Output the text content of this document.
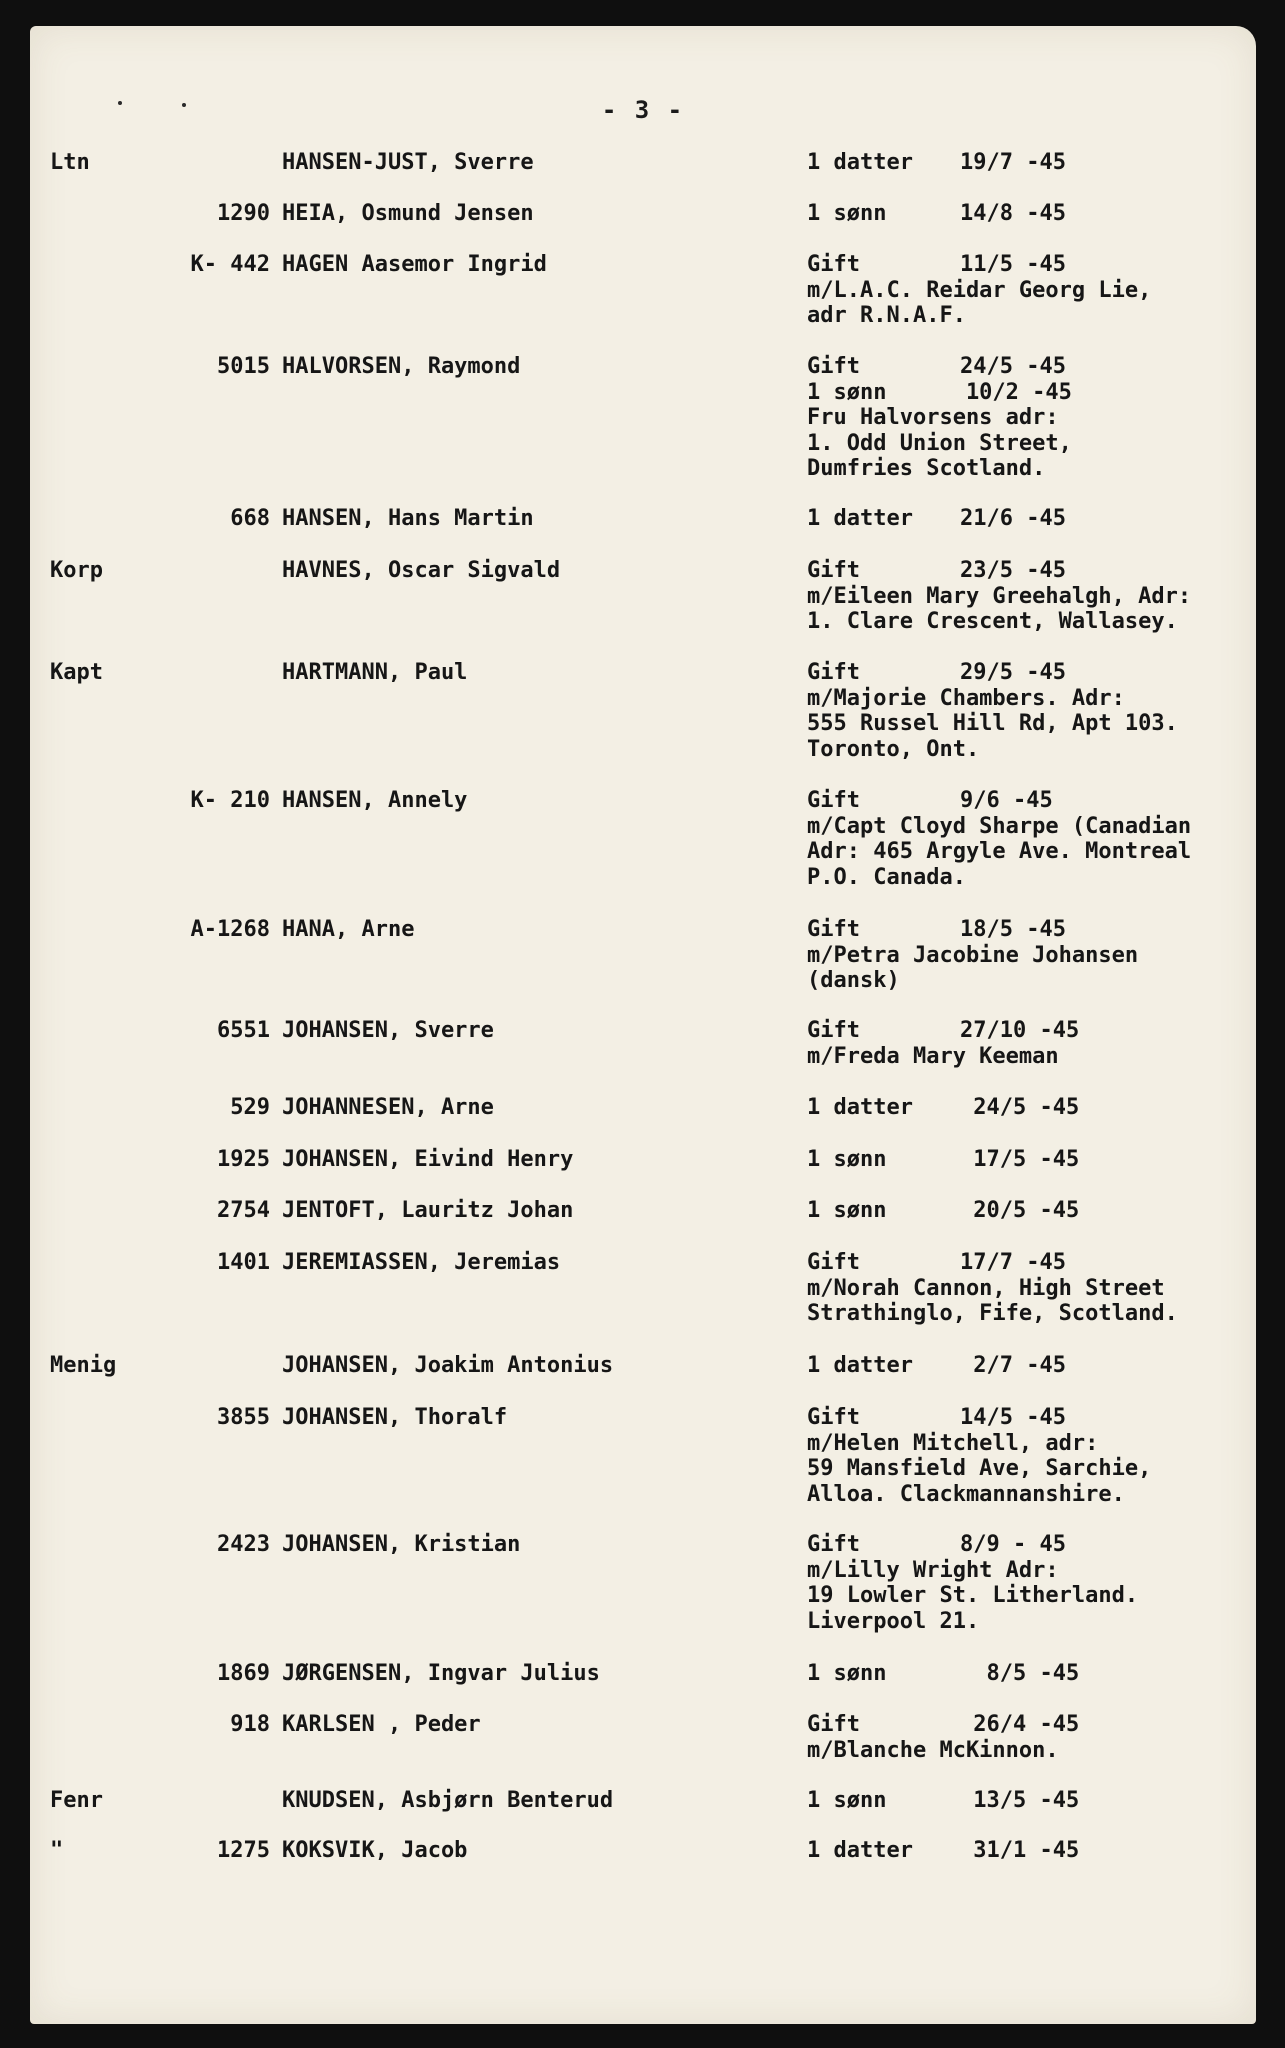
- 3 -
Ltn	HANSEN-JUST, Sverre	1 datter	19/7 -45
1290 HEIA, Osmund Jensen	1 sønn	14/8 -45
K- 442 HAGEN Aasemor Ingrid	Gift	11/5 -45
m/L.A.C. Reidar Georg Lie,
adr R.N.A.F.
5015 HALVORSEN, Raymond	Gift	24/5 -45
1 sønn      10/2 -45
Fru Halvorsens adr:
1. Odd Union Street,
Dumfries Scotland.
668 HANSEN, Hans Martin	1 datter	21/6 -45
Korp	HAVNES, Oscar Sigvald	Gift	23/5 -45
m/Eileen Mary Greehalgh, Adr:
1. Clare Crescent, Wallasey.
Kapt	HARTMANN, Paul	Gift	29/5 -45
m/Majorie Chambers. Adr:
555 Russel Hill Rd, Apt 103.
Toronto, Ont.
K- 210 HANSEN, Annely	Gift	9/6 -45
m/Capt Cloyd Sharpe (Canadian
Adr: 465 Argyle Ave. Montreal
P.O. Canada.
A-1268 HANA, Arne	Gift	18/5 -45
m/Petra Jacobine Johansen
(dansk)
6551 JOHANSEN, Sverre	Gift	27/10 -45
m/Freda Mary Keeman
529 JOHANNESEN, Arne	1 datter	24/5 -45
1925 JOHANSEN, Eivind Henry	1 sønn	17/5 -45
2754 JENTOFT, Lauritz Johan	1 sønn	20/5 -45
1401 JEREMIASSEN, Jeremias	Gift	17/7 -45
m/Norah Cannon, High Street
Strathinglo, Fife, Scotland.
Menig	JOHANSEN, Joakim Antonius	1 datter	2/7 -45
3855 JOHANSEN, Thoralf	Gift	14/5 -45
m/Helen Mitchell, adr:
59 Mansfield Ave, Sarchie,
Alloa. Clackmannanshire.
2423 JOHANSEN, Kristian	Gift	8/9 - 45
m/Lilly Wright Adr:
19 Lowler St. Litherland.
Liverpool 21.
1869 JØRGENSEN, Ingvar Julius	1 sønn	8/5 -45
918 KARLSEN , Peder	Gift	26/4 -45
m/Blanche McKinnon.
Fenr	KNUDSEN, Asbjørn Benterud	1 sønn	13/5 -45
"	1275 KOKSVIK, Jacob	1 datter	31/1 -45
